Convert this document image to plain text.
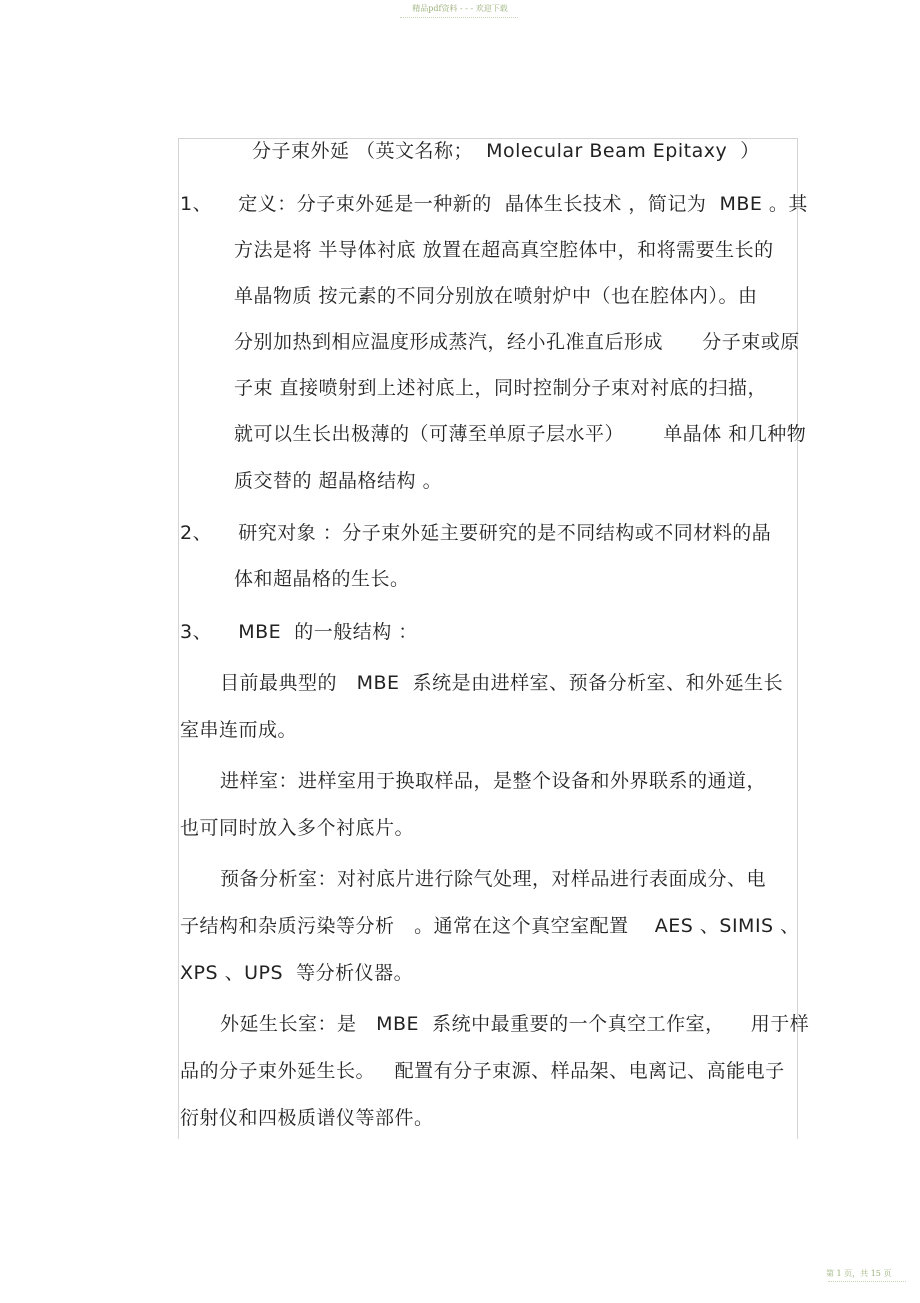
精品pdf资料 - - - 欢迎下载
分子束外延 （英文名称；  Molecular Beam Epitaxy  ）
1、    定义：分子束外延是一种新的  晶体生长技术 ，简记为  MBE 。其
方法是将 半导体衬底 放置在超高真空腔体中，和将需要生长的
单晶物质 按元素的不同分别放在喷射炉中（也在腔体内）。由
分别加热到相应温度形成蒸汽，经小孔准直后形成      分子束或原
子束 直接喷射到上述衬底上，同时控制分子束对衬底的扫描，
就可以生长出极薄的（可薄至单原子层水平）      单晶体 和几种物
质交替的 超晶格结构 。
2、    研究对象 ：分子束外延主要研究的是不同结构或不同材料的晶
体和超晶格的生长。
3、    MBE  的一般结构 ：
目前最典型的   MBE  系统是由进样室、预备分析室、和外延生长
室串连而成。
进样室：进样室用于换取样品，是整个设备和外界联系的通道，
也可同时放入多个衬底片。
预备分析室：对衬底片进行除气处理，对样品进行表面成分、电
子结构和杂质污染等分析   。通常在这个真空室配置    AES 、SIMIS 、
XPS 、UPS  等分析仪器。
外延生长室：是   MBE  系统中最重要的一个真空工作室，    用于样
品的分子束外延生长。   配置有分子束源、样品架、电离记、高能电子
衍射仪和四极质谱仪等部件。
第 1 页，共 15 页
